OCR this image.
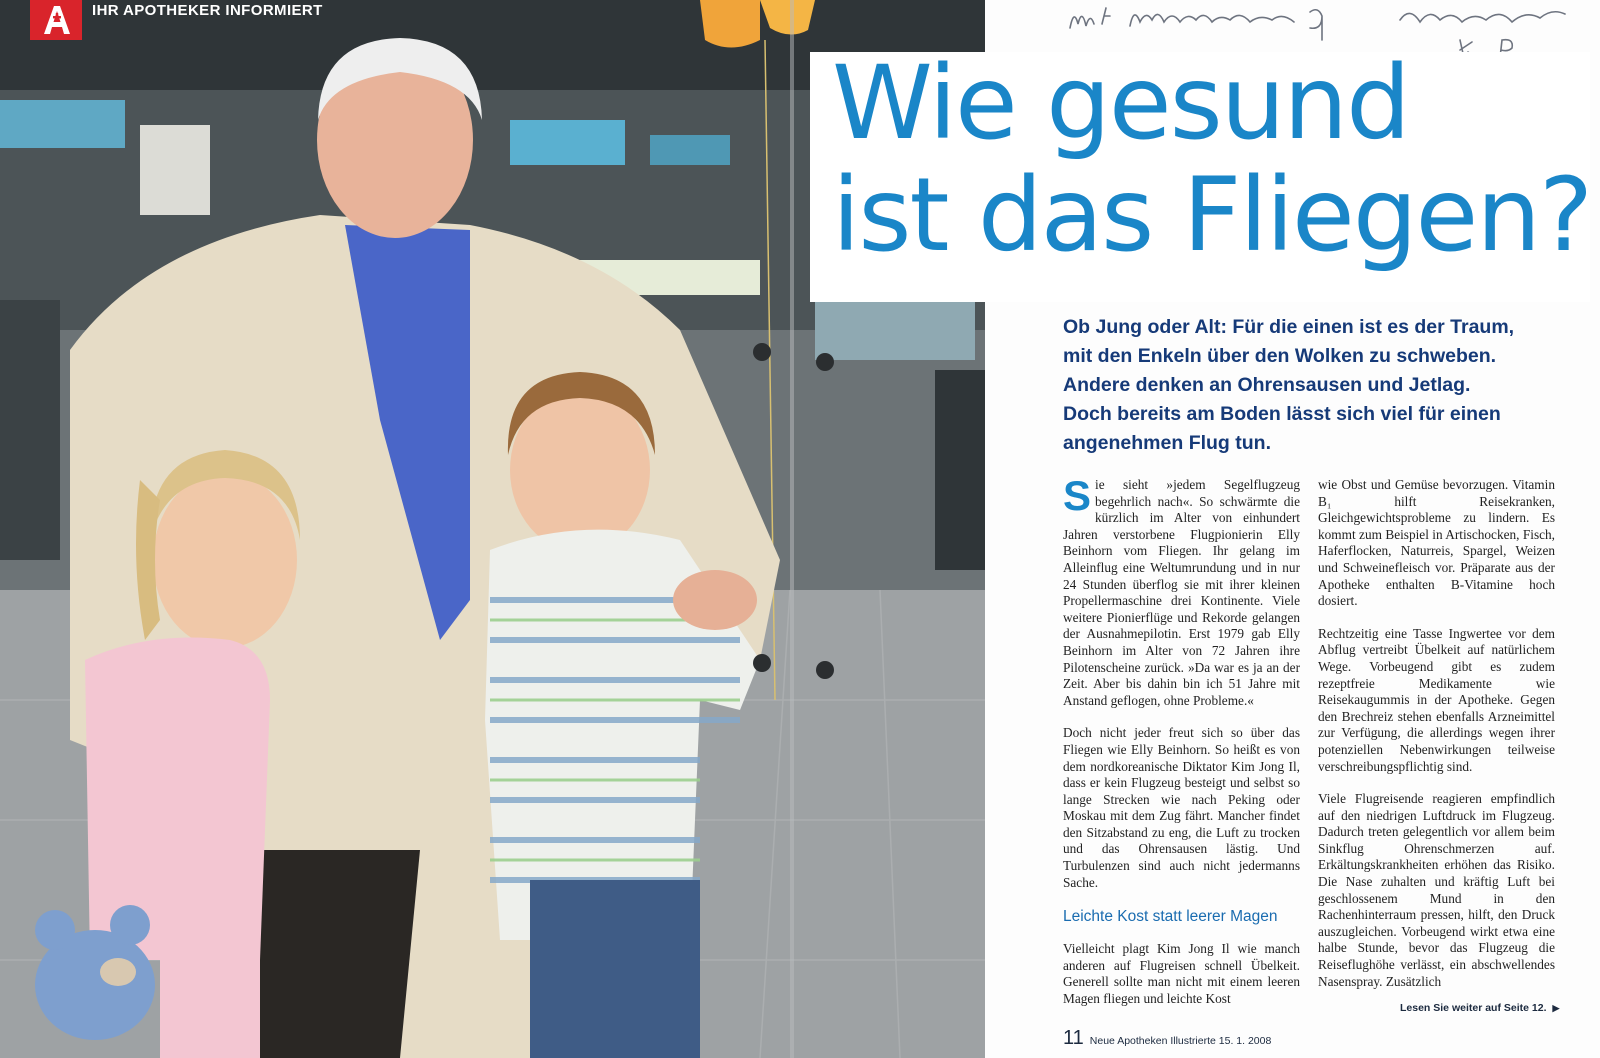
IHR APOTHEKER INFORMIERT
Wie gesund
ist das Fliegen?

Ob Jung oder Alt: Für die einen ist es der Traum,
mit den Enkeln über den Wolken zu schweben.
Andere denken an Ohrensausen und Jetlag.
Doch bereits am Boden lässt sich viel für einen
angenehmen Flug tun.

Sie sieht »jedem Segelflugzeug begehrlich nach«. So schwärmte die kürzlich im Alter von einhundert Jahren verstorbene Flugpionierin Elly Beinhorn vom Fliegen. Ihr gelang im Alleinflug eine Weltumrundung und in nur 24 Stunden überflog sie mit ihrer kleinen Propellermaschine drei Kontinente. Viele weitere Pionierflüge und Rekorde gelangen der Ausnahmepilotin. Erst 1979 gab Elly Beinhorn im Alter von 72 Jahren ihre Pilotenscheine zurück. »Da war es ja an der Zeit. Aber bis dahin bin ich 51 Jahre mit Anstand geflogen, ohne Probleme.«

Doch nicht jeder freut sich so über das Fliegen wie Elly Beinhorn. So heißt es von dem nordkoreanische Diktator Kim Jong Il, dass er kein Flugzeug besteigt und selbst so lange Strecken wie nach Peking oder Moskau mit dem Zug fährt. Mancher findet den Sitzabstand zu eng, die Luft zu trocken und das Ohrensausen lästig. Und Turbulenzen sind auch nicht jedermanns Sache.

Leichte Kost statt leerer Magen

Vielleicht plagt Kim Jong Il wie manch anderen auf Flugreisen schnell Übelkeit. Generell sollte man nicht mit einem leeren Magen fliegen und leichte Kost

wie Obst und Gemüse bevorzugen. Vitamin B₁ hilft Reisekranken, Gleichgewichtsprobleme zu lindern. Es kommt zum Beispiel in Artischocken, Fisch, Haferflocken, Naturreis, Spargel, Weizen und Schweinefleisch vor. Präparate aus der Apotheke enthalten B-Vitamine hoch dosiert.

Rechtzeitig eine Tasse Ingwertee vor dem Abflug vertreibt Übelkeit auf natürlichem Wege. Vorbeugend gibt es zudem rezeptfreie Medikamente wie Reisekaugummis in der Apotheke. Gegen den Brechreiz stehen ebenfalls Arzneimittel zur Verfügung, die allerdings wegen ihrer potenziellen Nebenwirkungen teilweise verschreibungspflichtig sind.

Viele Flugreisende reagieren empfindlich auf den niedrigen Luftdruck im Flugzeug. Dadurch treten gelegentlich vor allem beim Sinkflug Ohrenschmerzen auf. Erkältungskrankheiten erhöhen das Risiko. Die Nase zuhalten und kräftig Luft bei geschlossenem Mund in den Rachenhinterraum pressen, hilft, den Druck auszugleichen. Vorbeugend wirkt etwa eine halbe Stunde, bevor das Flugzeug die Reiseflughöhe verlässt, ein abschwellendes Nasenspray. Zusätzlich

Lesen Sie weiter auf Seite 12. ▶
11 Neue Apotheken Illustrierte 15. 1. 2008
